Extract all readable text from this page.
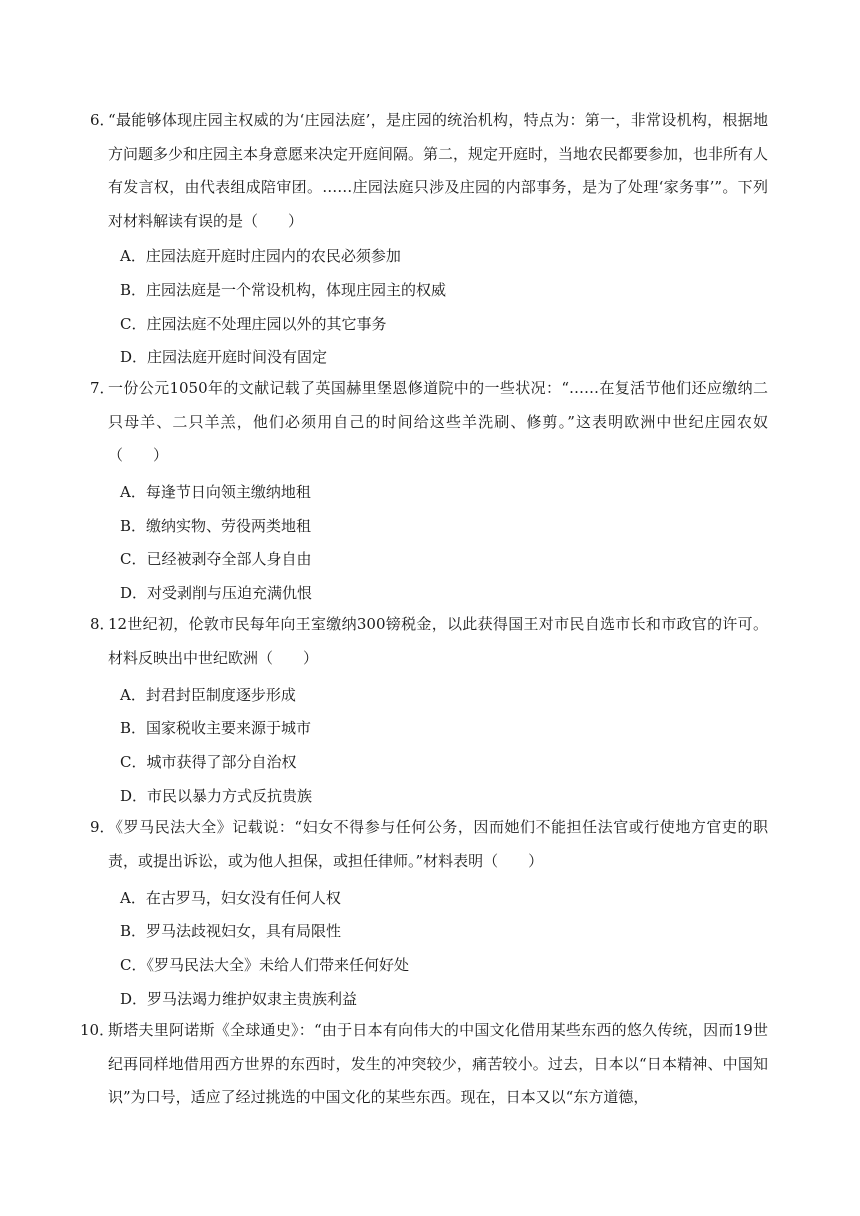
6．
“最能够体现庄园主权威的为‘庄园法庭’，是庄园的统治机构，特点为：第一，非常设机构，根据地方问题多少和庄园主本身意愿来决定开庭间隔。第二，规定开庭时，当地农民都要参加，也非所有人有发言权，由代表组成陪审团。……庄园法庭只涉及庄园的内部事务，是为了处理‘家务事’”。下列对材料解读有误的是（　　）
A．庄园法庭开庭时庄园内的农民必须参加
B．庄园法庭是一个常设机构，体现庄园主的权威
C．庄园法庭不处理庄园以外的其它事务
D．庄园法庭开庭时间没有固定
7．
一份公元1050年的文献记载了英国赫里堡恩修道院中的一些状况：“……在复活节他们还应缴纳二只母羊、二只羊羔，他们必须用自己的时间给这些羊洗刷、修剪。”这表明欧洲中世纪庄园农奴（　　）
A．每逢节日向领主缴纳地租
B．缴纳实物、劳役两类地租
C．已经被剥夺全部人身自由
D．对受剥削与压迫充满仇恨
8．
12世纪初，伦敦市民每年向王室缴纳300镑税金，以此获得国王对市民自选市长和市政官的许可。材料反映出中世纪欧洲（　　）
A．封君封臣制度逐步形成
B．国家税收主要来源于城市
C．城市获得了部分自治权
D．市民以暴力方式反抗贵族
9．
《罗马民法大全》记载说：“妇女不得参与任何公务，因而她们不能担任法官或行使地方官吏的职责，或提出诉讼，或为他人担保，或担任律师。”材料表明（　　）
A．在古罗马，妇女没有任何人权
B．罗马法歧视妇女，具有局限性
C．《罗马民法大全》未给人们带来任何好处
D．罗马法竭力维护奴隶主贵族利益
10．
斯塔夫里阿诺斯《全球通史》：“由于日本有向伟大的中国文化借用某些东西的悠久传统，因而19世纪再同样地借用西方世界的东西时，发生的冲突较少，痛苦较小。过去，日本以“日本精神、中国知识”为口号，适应了经过挑选的中国文化的某些东西。现在，日本又以“东方道德，
